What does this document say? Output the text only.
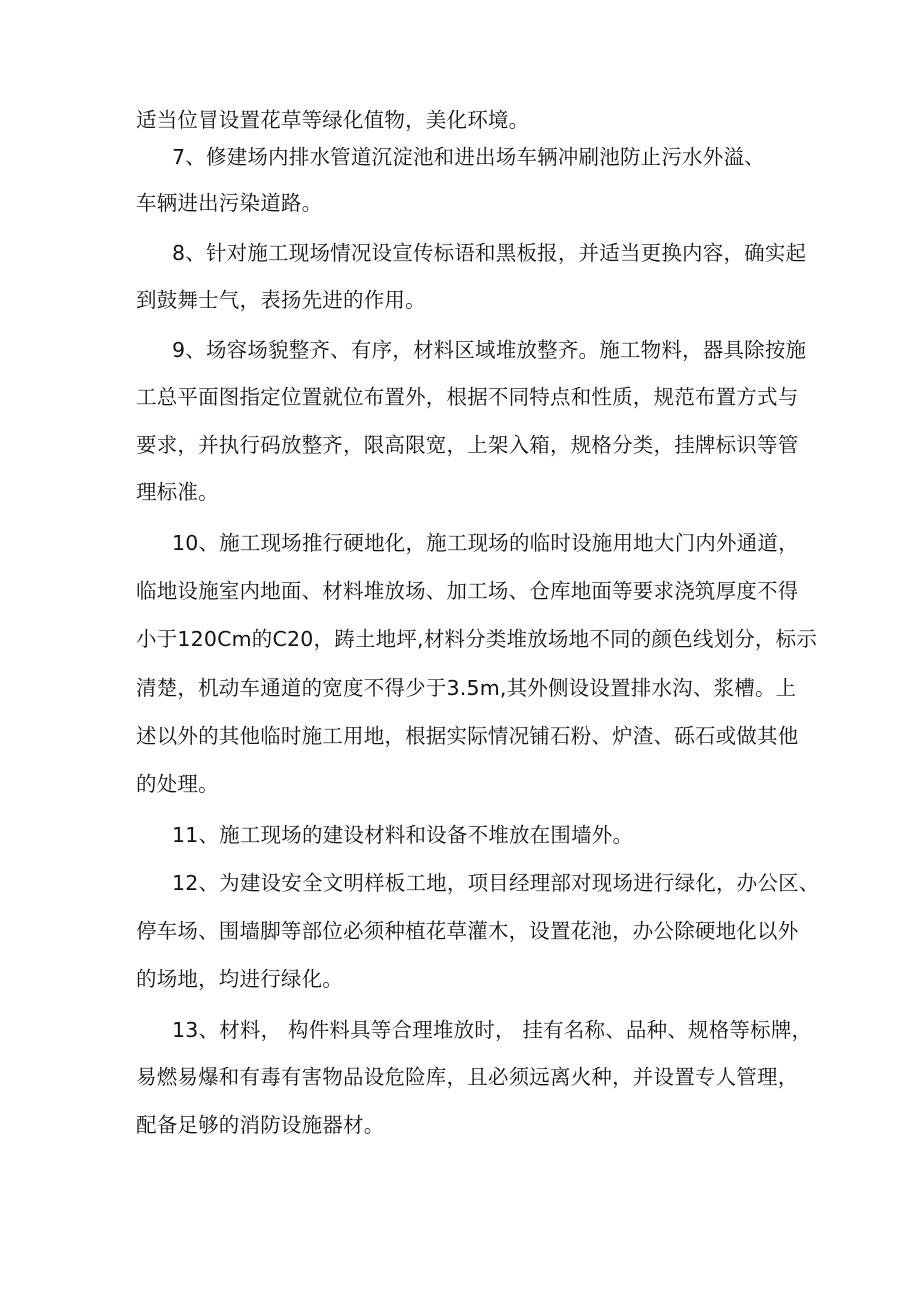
适当位冒设置花草等绿化值物，美化环境。
7、修建场内排水管道沉淀池和进出场车辆冲刷池防止污水外溢、
车辆进出污染道路。
8、针对施工现场情况设宣传标语和黑板报，并适当更换内容，确实起
到鼓舞士气，表扬先进的作用。
9、场容场貌整齐、有序，材料区域堆放整齐。施工物料，器具除按施
工总平面图指定位置就位布置外，根据不同特点和性质，规范布置方式与
要求，并执行码放整齐，限高限宽，上架入箱，规格分类，挂牌标识等管
理标准。
10、施工现场推行硬地化，施工现场的临时设施用地大门内外通道，
临地设施室内地面、材料堆放场、加工场、仓库地面等要求浇筑厚度不得
小于120Cm的C20，踌土地坪,材料分类堆放场地不同的颜色线划分，标示
清楚，机动车通道的宽度不得少于3.5m,其外侧设设置排水沟、浆槽。上
述以外的其他临时施工用地，根据实际情况铺石粉、炉渣、砾石或做其他
的处理。
11、施工现场的建设材料和设备不堆放在围墙外。
12、为建设安全文明样板工地，项目经理部对现场进行绿化，办公区、
停车场、围墙脚等部位必须种植花草灌木，设置花池，办公除硬地化以外
的场地，均进行绿化。
13、材料， 构件料具等合理堆放时， 挂有名称、品种、规格等标牌，
易燃易爆和有毒有害物品设危险库，且必须远离火种，并设置专人管理，
配备足够的消防设施器材。
